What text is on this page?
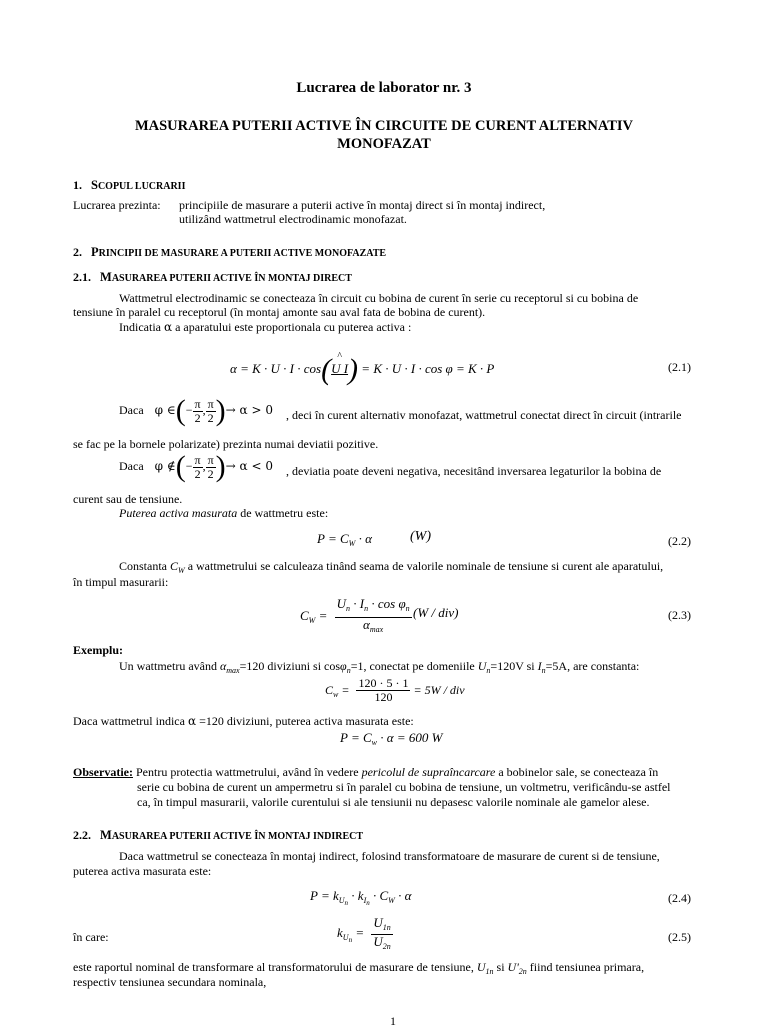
Lucrarea de laborator nr. 3
MASURAREA PUTERII ACTIVE ÎN CIRCUITE DE CURENT ALTERNATIV
MONOFAZAT
1. SCOPUL LUCRARII
Lucrarea prezinta: principiile de masurare a puterii active în montaj direct si în montaj indirect,
utilizând wattmetrul electrodinamic monofazat.
2. PRINCIPII DE MASURARE A PUTERII ACTIVE MONOFAZATE
2.1. MASURAREA PUTERII ACTIVE ÎN MONTAJ DIRECT
Wattmetrul electrodinamic se conecteaza în circuit cu bobina de curent în serie cu receptorul si cu bobina de
tensiune în paralel cu receptorul (în montaj amonte sau aval fata de bobina de curent).
Indicatia α a aparatului este proportionala cu puterea activa :
α = K · U · I · cos( ^
U I) = K · U · I · cos φ = K · P	(2.1)
Daca φ ∈(− $\frac{\pi}{2}$ , $\frac{\pi}{2}$ )→ α > 0 , deci în curent alternativ monofazat, wattmetrul conectat direct în circuit (intrarile
se fac pe la bornele polarizate) prezinta numai deviatii pozitive.
Daca φ ∉(− $\frac{\pi}{2}$ , $\frac{\pi}{2}$ )→ α < 0 , deviatia poate deveni negativa, necesitând inversarea legaturilor la bobina de
curent sau de tensiune.
Puterea activa masurata de wattmetru este:
$P = C_W \cdot \alpha$	(W)	(2.2)
Constanta $C_W$ a wattmetrului se calculeaza tinând seama de valorile nominale de tensiune si curent ale aparatului,
în timpul masurarii:
$C_W = \frac{U_n \cdot I_n \cdot \cos \varphi_n}{\alpha_{max}} (W / div)$	(2.3)
Exemplu:
Un wattmetru având $\alpha_{max}=120$ diviziuni si cosφ$_n$=1, conectat pe domeniile $U_n=120V$ si $I_n=5A$, are constanta:
$C_w = \frac{120 \cdot 5 \cdot 1}{120} = 5W$ / div
Daca wattmetrul indica α =120 diviziuni, puterea activa masurata este:
$P = C_w \cdot \alpha = 600$ W
Observatie: Pentru protectia wattmetrului, având în vedere pericolul de supraîncarcare a bobinelor sale, se conecteaza în
serie cu bobina de curent un ampermetru si în paralel cu bobina de tensiune, un voltmetru, verificându-se astfel
ca, în timpul masurarii, valorile curentului si ale tensiunii nu depasesc valorile nominale ale gamelor alese.
2.2. MASURAREA PUTERII ACTIVE ÎN MONTAJ INDIRECT
Daca wattmetrul se conecteaza în montaj indirect, folosind transformatoare de masurare de curent si de tensiune,
puterea activa masurata este:
$P = k_{Un} \cdot k_{In} \cdot C_W \cdot \alpha$	(2.4)
în care:	$k_{Un} = \frac{U_{1n}}{U_{2n}}$	(2.5)
este raportul nominal de transformare al transformatorului de masurare de tensiune, $U_{1n}$ si $U'_{2n}$ fiind tensiunea primara,
respectiv tensiunea secundara nominala,
1
